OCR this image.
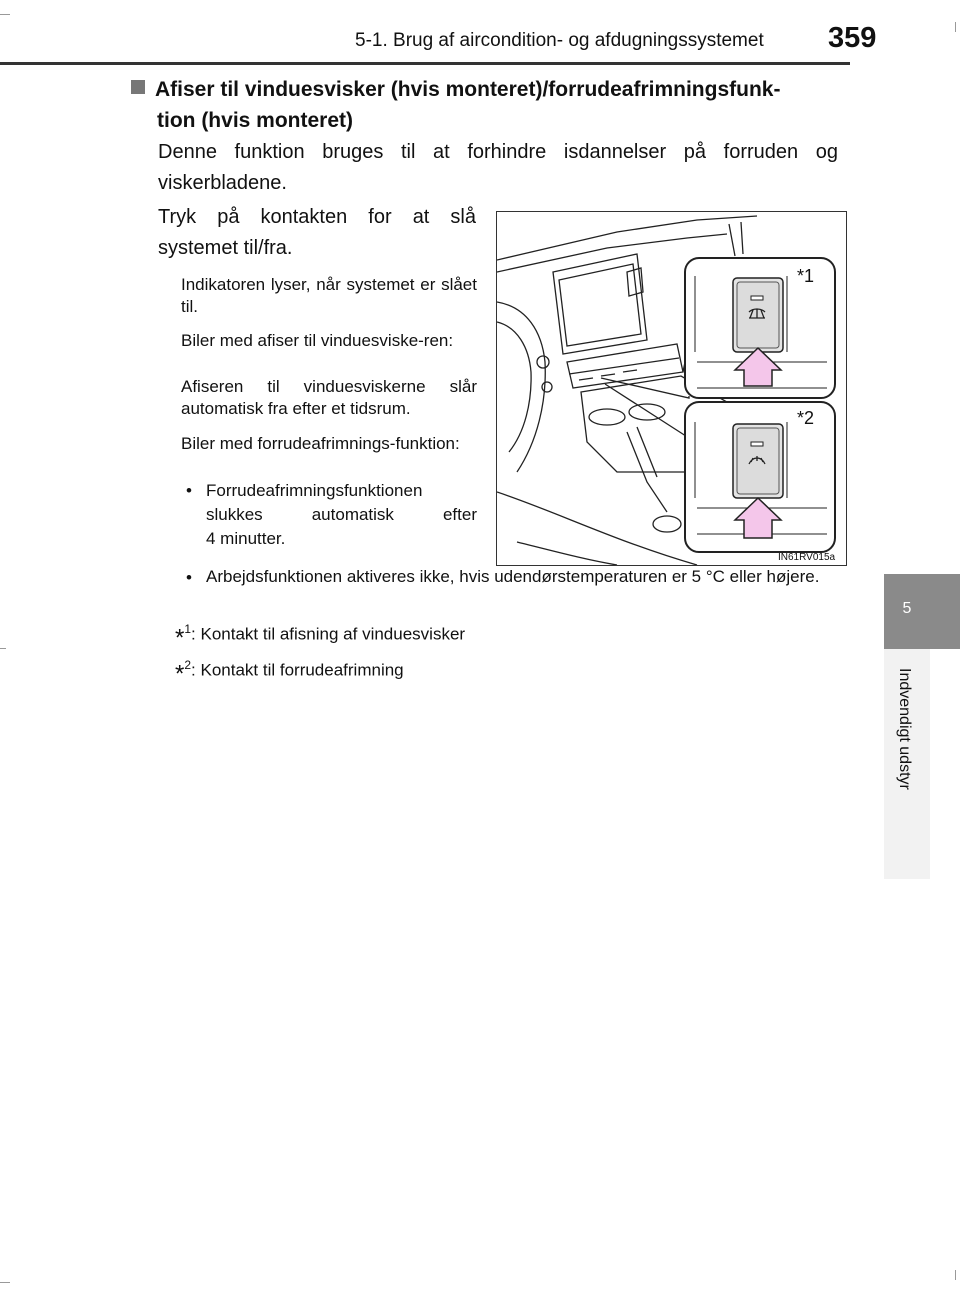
5-1. Brug af aircondition- og afdugningssystemet 359
5
Indvendigt udstyr
Afiser til vinduesvisker (hvis monteret)/forrudeafrimningsfunk-
tion (hvis monteret)
Denne funktion bruges til at forhindre isdannelser på forruden og viskerbladene.
Tryk på kontakten for at slå systemet til/fra.
Indikatoren lyser, når systemet er slået til.
Biler med afiser til vinduesviske-ren:
Afiseren til vinduesviskerne slår automatisk fra efter et tidsrum.
Biler med forrudeafrimnings-funktion:
• Forrudeafrimningsfunktionen
slukkes automatisk efter
4 minutter.
• Arbejdsfunktionen aktiveres ikke, hvis udendørstemperaturen er 5 °C eller højere.
*$^1$: Kontakt til afisning af vinduesvisker
*$^2$: Kontakt til forrudeafrimning
*1
*2
IN61RV015a
